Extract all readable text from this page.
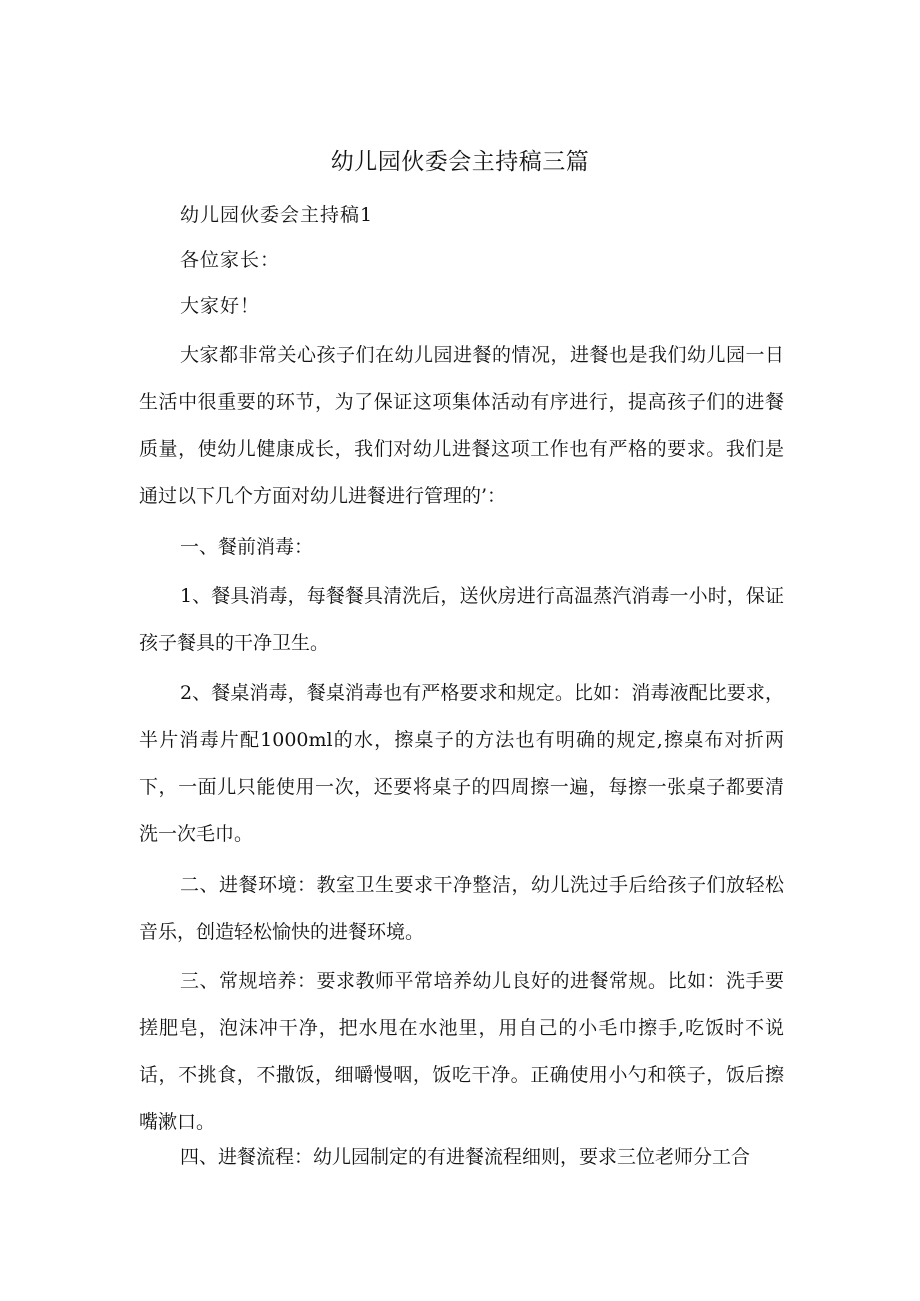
幼儿园伙委会主持稿三篇
幼儿园伙委会主持稿1
各位家长：
大家好！

大家都非常关心孩子们在幼儿园进餐的情况，进餐也是我们幼儿园一日生活中很重要的环节，为了保证这项集体活动有序进行，提高孩子们的进餐质量，使幼儿健康成长，我们对幼儿进餐这项工作也有严格的要求。我们是通过以下几个方面对幼儿进餐进行管理的’：

一、餐前消毒：

1、餐具消毒，每餐餐具清洗后，送伙房进行高温蒸汽消毒一小时，保证孩子餐具的干净卫生。

2、餐桌消毒，餐桌消毒也有严格要求和规定。比如：消毒液配比要求，半片消毒片配1000ml的水，擦桌子的方法也有明确的规定,擦桌布对折两下，一面儿只能使用一次，还要将桌子的四周擦一遍，每擦一张桌子都要清洗一次毛巾。

二、进餐环境：教室卫生要求干净整洁，幼儿洗过手后给孩子们放轻松音乐，创造轻松愉快的进餐环境。

三、常规培养：要求教师平常培养幼儿良好的进餐常规。比如：洗手要搓肥皂，泡沫冲干净，把水甩在水池里，用自己的小毛巾擦手,吃饭时不说话，不挑食，不撒饭，细嚼慢咽，饭吃干净。正确使用小勺和筷子，饭后擦嘴漱口。

四、进餐流程：幼儿园制定的有进餐流程细则，要求三位老师分工合
